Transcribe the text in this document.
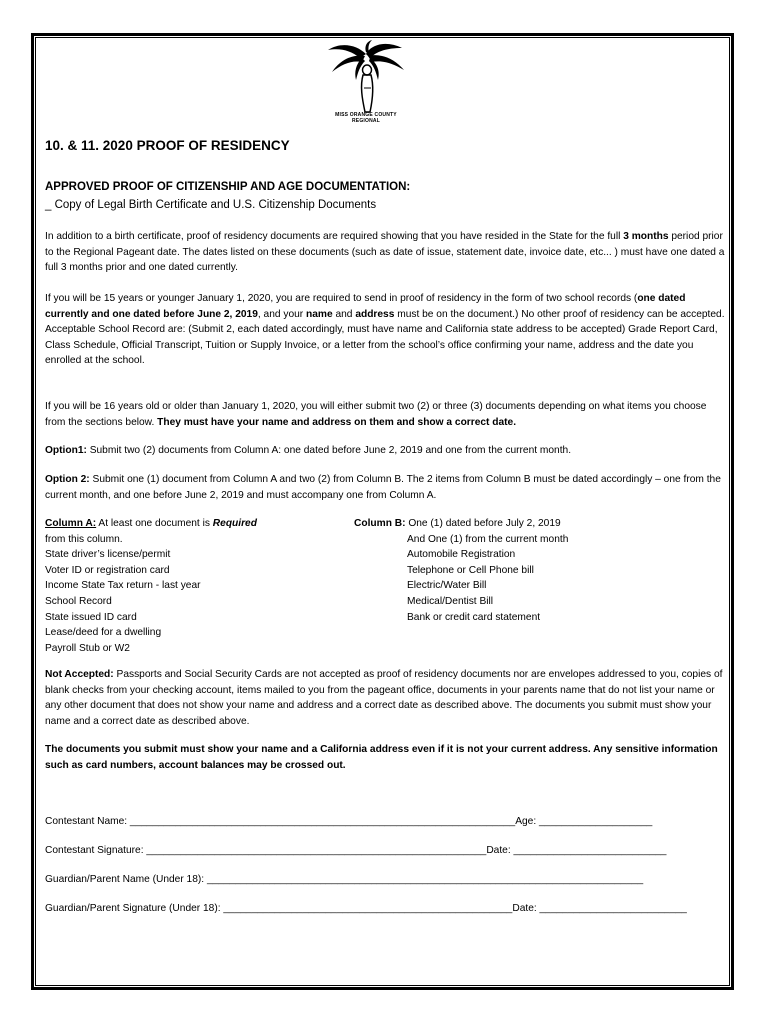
MISS ORANGE COUNTY
REGIONAL
10. & 11. 2020 PROOF OF RESIDENCY
APPROVED PROOF OF CITIZENSHIP AND AGE DOCUMENTATION:
_ Copy of Legal Birth Certificate and U.S. Citizenship Documents

In addition to a birth certificate, proof of residency documents are required showing that you have resided in the State for the full 3 months period prior to the Regional Pageant date. The dates listed on these documents (such as date of issue, statement date, invoice date, etc... ) must have one dated a full 3 months prior and one dated currently.

If you will be 15 years or younger January 1, 2020, you are required to send in proof of residency in the form of two school records (one dated currently and one dated before June 2, 2019, and your name and address must be on the document.) No other proof of residency can be accepted.

Acceptable School Record are: (Submit 2, each dated accordingly, must have name and California state address to be accepted) Grade Report Card, Class Schedule, Official Transcript, Tuition or Supply Invoice, or a letter from the school’s office confirming your name, address and the date you enrolled at the school.

If you will be 16 years old or older than January 1, 2020, you will either submit two (2) or three (3) documents depending on what items you choose from the sections below. They must have your name and address on them and show a correct date.

Option1: Submit two (2) documents from Column A: one dated before June 2, 2019 and one from the current month.

Option 2: Submit one (1) document from Column A and two (2) from Column B. The 2 items from Column B must be dated accordingly – one from the current month, and one before June 2, 2019 and must accompany one from Column A.

Column A: At least one document is Required
from this column.
State driver’s license/permit
Voter ID or registration card
Income State Tax return - last year
School Record
State issued ID card
Lease/deed for a dwelling
Payroll Stub or W2
Column B: One (1) dated before July 2, 2019
And One (1) from the current month
Automobile Registration
Telephone or Cell Phone bill
Electric/Water Bill
Medical/Dentist Bill
Bank or credit card statement

Not Accepted: Passports and Social Security Cards are not accepted as proof of residency documents nor are envelopes addressed to you, copies of blank checks from your checking account, items mailed to you from the pageant office, documents in your parents name that do not list your name or any other document that does not show your name and address and a correct date as described above. The documents you submit must show your name and a correct date as described above.

The documents you submit must show your name and a California address even if it is not your current address. Any sensitive information such as card numbers, account balances may be crossed out.

Contestant Name: ____________________________________________________________________Age: ____________________
Contestant Signature: ____________________________________________________________Date: ___________________________
Guardian/Parent Name (Under 18): _____________________________________________________________________________
Guardian/Parent Signature (Under 18): ___________________________________________________Date: __________________________
